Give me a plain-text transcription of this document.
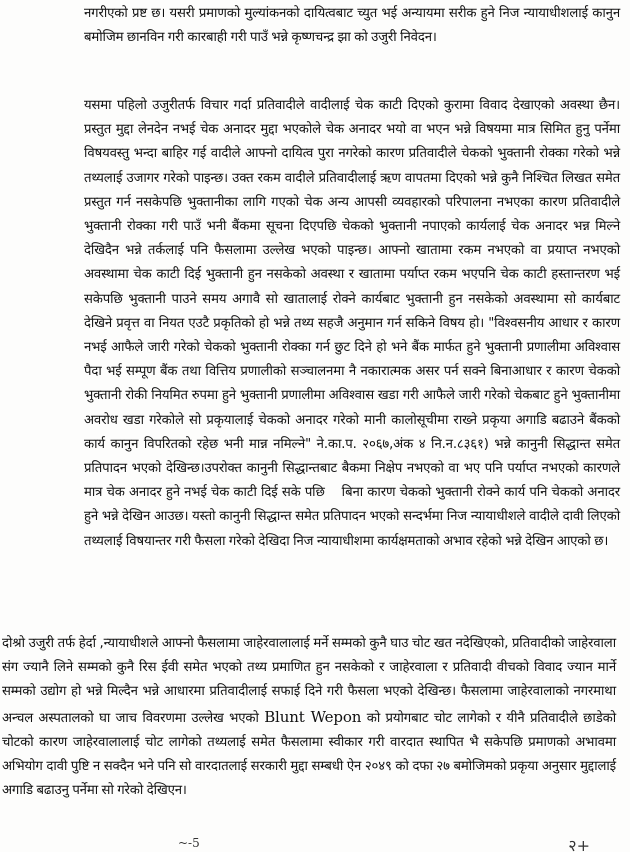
नगरीएको प्रष्ट छ। यसरी प्रमाणको मुल्यांकनको दायित्वबाट च्युत भई अन्यायमा सरीक हुने निज न्यायाधीशलाई कानुन बमोजिम छानविन गरी कारबाही गरी पाउँ भन्ने कृष्णचन्द्र झा को उजुरी निवेदन।
यसमा पहिलो उजुरीतर्फ विचार गर्दा प्रतिवादीले वादीलाई चेक काटी दिएको कुरामा विवाद देखाएको अवस्था छैन। प्रस्तुत मुद्दा लेनदेन नभई चेक अनादर मुद्दा भएकोले चेक अनादर भयो वा भएन भन्ने विषयमा मात्र सिमित हुनु पर्नेमा विषयवस्तु भन्दा बाहिर गई वादीले आफ्नो दायित्व पुरा नगरेको कारण प्रतिवादीले चेकको भुक्तानी रोक्का गरेको भन्ने तथ्यलाई उजागर गरेको पाइन्छ। उक्त रकम वादीले प्रतिवादीलाई ऋण वापतमा दिएको भन्ने कुनै निश्चित लिखत समेत प्रस्तुत गर्न नसकेपछि भुक्तानीका लागि गएको चेक अन्य आपसी व्यवहारको परिपालना नभएका कारण प्रतिवादीले भुक्तानी रोक्का गरी पाउँ भनी बैंकमा सूचना दिएपछि चेकको भुक्तानी नपाएको कार्यलाई चेक अनादर भन्न मिल्ने देखिदैन भन्ने तर्कलाई पनि फैसलामा उल्लेख भएको पाइन्छ। आफ्नो खातामा रकम नभएको वा प्रयाप्त नभएको अवस्थामा चेक काटी दिई भुक्तानी हुन नसकेको अवस्था र खातामा पर्याप्त रकम भएपनि चेक काटी हस्तान्तरण भई सकेपछि भुक्तानी पाउने समय अगावै सो खातालाई रोक्ने कार्यबाट भुक्तानी हुन नसकेको अवस्थामा सो कार्यबाट देखिने प्रवृत्त वा नियत एउटै प्रकृतिको हो भन्ने तथ्य सहजै अनुमान गर्न सकिने विषय हो। "विश्वसनीय आधार र कारण नभई आफैले जारी गरेको चेकको भुक्तानी रोक्का गर्न छुट दिने हो भने बैंक मार्फत हुने भुक्तानी प्रणालीमा अविश्वास पैदा भई सम्पूण बैंक तथा वित्तिय प्रणालीको सञ्चालनमा नै नकारात्मक असर पर्न सक्ने बिनाआधार र कारण चेकको भुक्तानी रोकी नियमित रुपमा हुने भुक्तानी प्रणालीमा अविश्वास खडा गरी आफैले जारी गरेको चेकबाट हुने भुक्तानीमा अवरोध खडा गरेकोले सो प्रकृयालाई चेकको अनादर गरेको मानी कालोसूचीमा राख्ने प्रकृया अगाडि बढाउने बैंकको कार्य कानुन विपरितको रहेछ भनी मान्न नमिल्ने" ने.का.प. २०६७,अंक ४ नि.न.८३६१) भन्ने कानुनी सिद्धान्त समेत प्रतिपादन भएको देखिन्छ।उपरोक्त कानुनी सिद्धान्तबाट बैकमा निक्षेप नभएको वा भए पनि पर्याप्त नभएको कारणले मात्र चेक अनादर हुने नभई चेक काटी दिई सके पछि बिना कारण चेकको भुक्तानी रोक्ने कार्य पनि चेकको अनादर हुने भन्ने देखिन आउछ। यस्तो कानुनी सिद्धान्त समेत प्रतिपादन भएको सन्दर्भमा निज न्यायाधीशले वादीले दावी लिएको तथ्यलाई विषयान्तर गरी फैसला गरेको देखिदा निज न्यायाधीशमा कार्यक्षमताको अभाव रहेको भन्ने देखिन आएको छ।
दोश्रो उजुरी तर्फ हेर्दा ,न्यायाधीशले आफ्नो फैसलामा जाहेरवालालाई मर्ने सम्मको कुनै घाउ चोट खत नदेखिएको, प्रतिवादीको जाहेरवाला संग ज्यानै लिने सम्मको कुनै रिस ईवी समेत भएको तथ्य प्रमाणित हुन नसकेको र जाहेरवाला र प्रतिवादी वीचको विवाद ज्यान मार्ने सम्मको उद्योग हो भन्ने मिल्दैन भन्ने आधारमा प्रतिवादीलाई सफाई दिने गरी फैसला भएको देखिन्छ। फैसलामा जाहेरवालाको नगरमाथा अन्चल अस्पतालको घा जाच विवरणमा उल्लेख भएको Blunt Wepon को प्रयोगबाट चोट लागेको र यीनै प्रतिवादीले छाडेको चोटको कारण जाहेरवालालाई चोट लागेको तथ्यलाई समेत फैसलामा स्वीकार गरी वारदात स्थापित भै सकेपछि प्रमाणको अभावमा अभियोग दावी पुष्टि न सक्दैन भने पनि सो वारदातलाई सरकारी मुद्दा सम्बधी ऐन २०४९ को दफा २७ बमोजिमको प्रकृया अनुसार मुद्दालाई अगाडि बढाउनु पर्नेमा सो गरेको देखिएन।
~-5	२+
